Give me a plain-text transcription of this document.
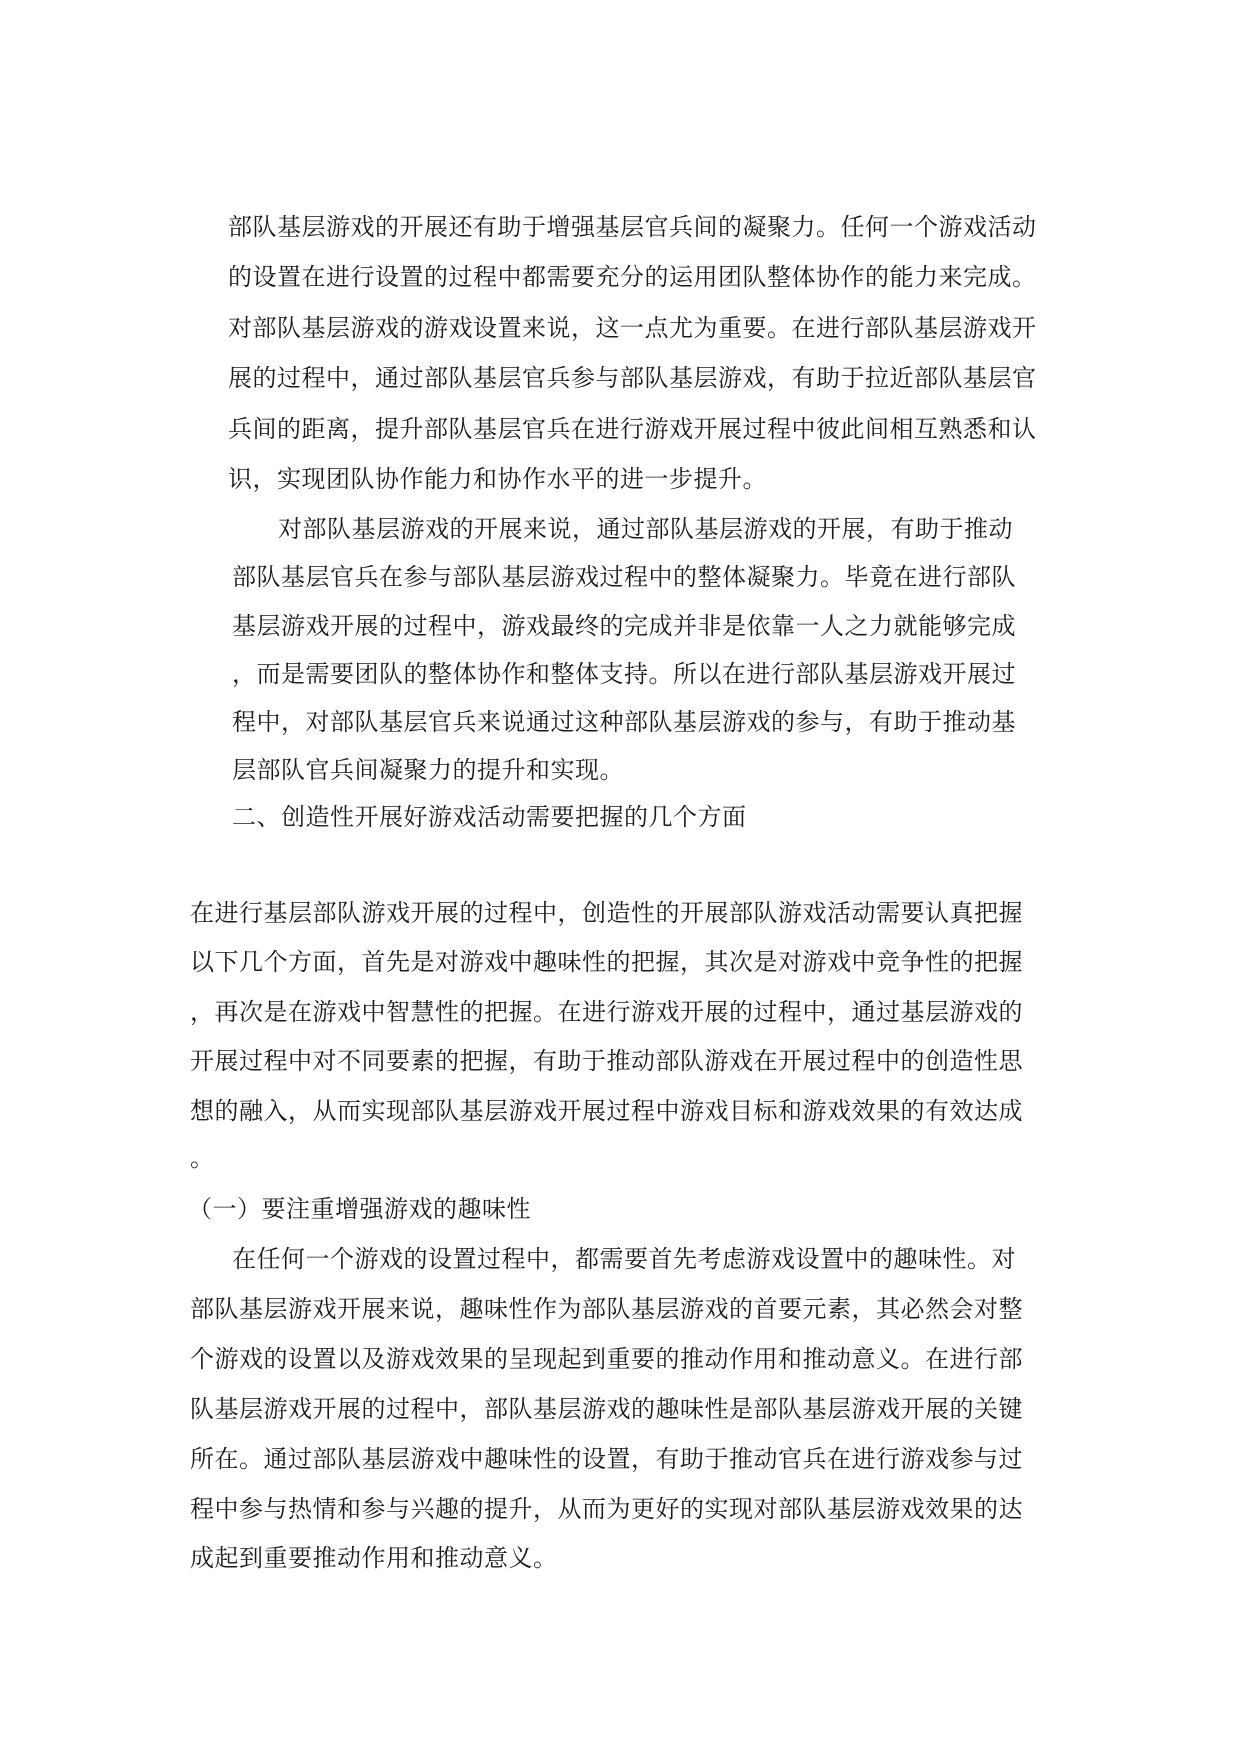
部队基层游戏的开展还有助于增强基层官兵间的凝聚力。任何一个游戏活动
的设置在进行设置的过程中都需要充分的运用团队整体协作的能力来完成。
对部队基层游戏的游戏设置来说，这一点尤为重要。在进行部队基层游戏开
展的过程中，通过部队基层官兵参与部队基层游戏，有助于拉近部队基层官
兵间的距离，提升部队基层官兵在进行游戏开展过程中彼此间相互熟悉和认
识，实现团队协作能力和协作水平的进一步提升。
对部队基层游戏的开展来说，通过部队基层游戏的开展，有助于推动
部队基层官兵在参与部队基层游戏过程中的整体凝聚力。毕竟在进行部队
基层游戏开展的过程中，游戏最终的完成并非是依靠一人之力就能够完成
，而是需要团队的整体协作和整体支持。所以在进行部队基层游戏开展过
程中，对部队基层官兵来说通过这种部队基层游戏的参与，有助于推动基
层部队官兵间凝聚力的提升和实现。
二、创造性开展好游戏活动需要把握的几个方面
在进行基层部队游戏开展的过程中，创造性的开展部队游戏活动需要认真把握
以下几个方面，首先是对游戏中趣味性的把握，其次是对游戏中竞争性的把握
，再次是在游戏中智慧性的把握。在进行游戏开展的过程中，通过基层游戏的
开展过程中对不同要素的把握，有助于推动部队游戏在开展过程中的创造性思
想的融入，从而实现部队基层游戏开展过程中游戏目标和游戏效果的有效达成
。
（一）要注重增强游戏的趣味性
在任何一个游戏的设置过程中，都需要首先考虑游戏设置中的趣味性。对
部队基层游戏开展来说，趣味性作为部队基层游戏的首要元素，其必然会对整
个游戏的设置以及游戏效果的呈现起到重要的推动作用和推动意义。在进行部
队基层游戏开展的过程中，部队基层游戏的趣味性是部队基层游戏开展的关键
所在。通过部队基层游戏中趣味性的设置，有助于推动官兵在进行游戏参与过
程中参与热情和参与兴趣的提升，从而为更好的实现对部队基层游戏效果的达
成起到重要推动作用和推动意义。
